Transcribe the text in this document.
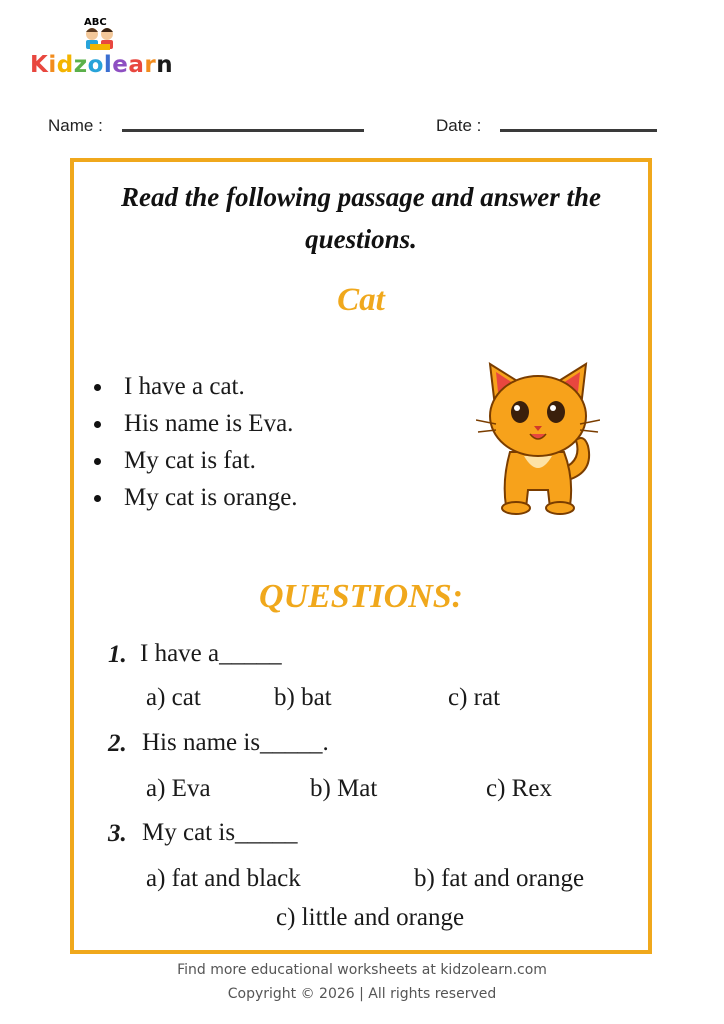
ABC
Kidzolearn
Name :	Date :
Read the following passage and answer the questions.
Cat
I have a cat.
His name is Eva.
My cat is fat.
My cat is orange.
QUESTIONS:
1. I have a_____
a) cat	b) bat	c) rat
2. His name is_____.
a) Eva	b) Mat	c) Rex
3. My cat is_____
a) fat and black	b) fat and orange
c) little and orange
Find more educational worksheets at kidzolearn.com
Copyright © 2026 | All rights reserved
